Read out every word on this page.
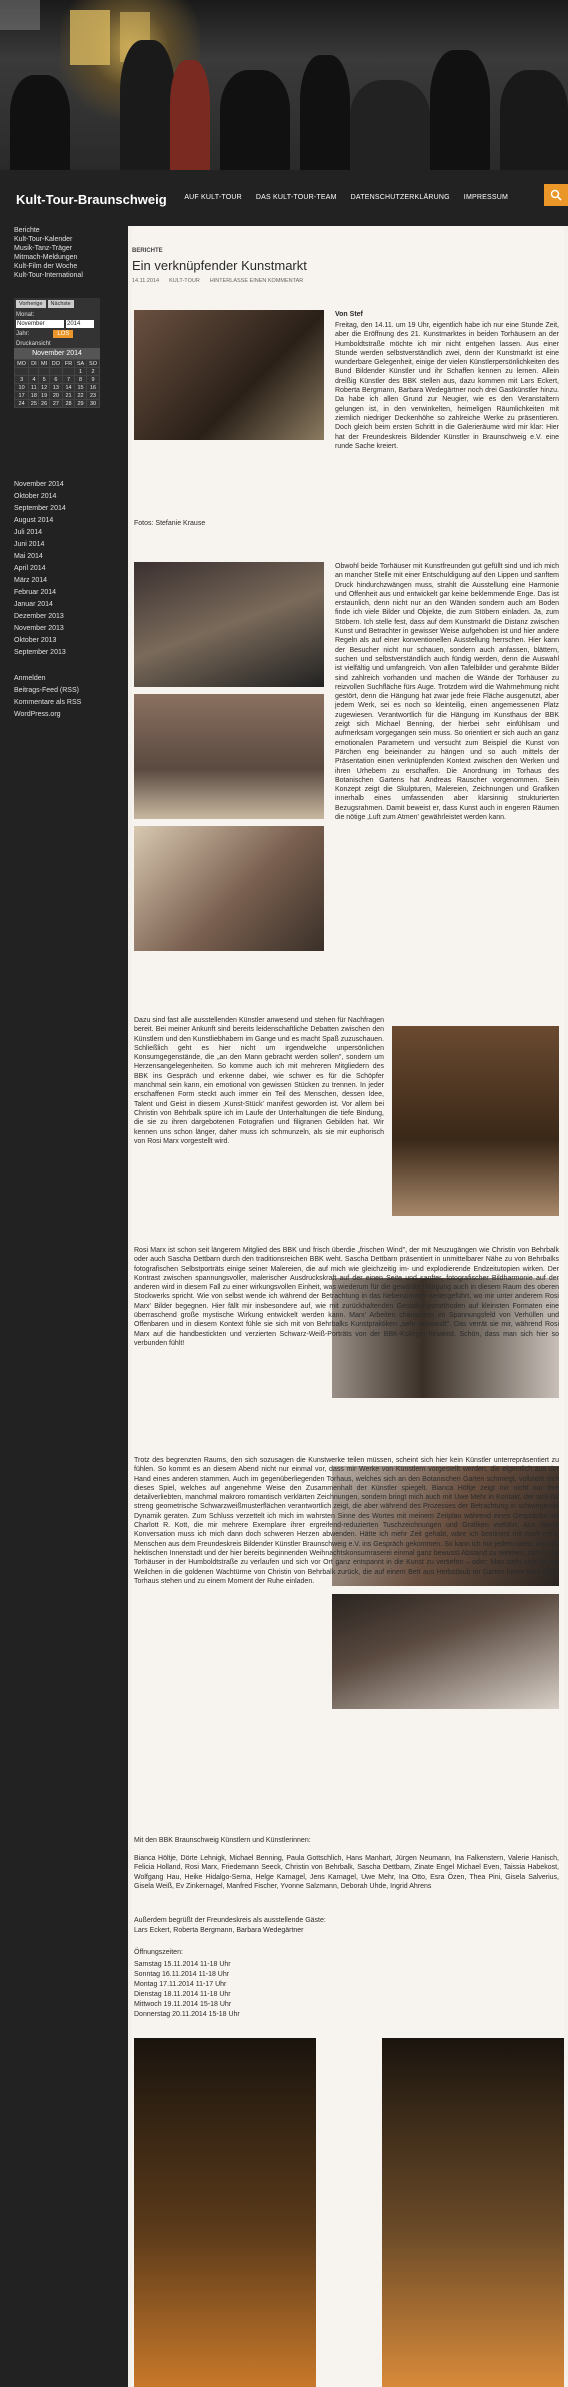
Kult-Tour-Braunschweig	AUF KULT-TOUR DAS KULT-TOUR-TEAM DATENSCHUTZERKLÄRUNG IMPRESSUM
Berichte
Kult-Tour-Kalender
Musik-Tanz-Träger
Mitmach-Meldungen
Kult-Film der Woche
Kult-Tour-International
Vorherige	Nächste
Monat:
November	2014
Jahr:	LOS
Druckansicht
November 2014
MO	DI	MI	DO	FR	SA	SO
					1	2
3	4	5	6	7	8	9
10	11	12	13	14	15	16
17	18	19	20	21	22	23
24	25	26	27	28	29	30
November 2014
Oktober 2014
September 2014
August 2014
Juli 2014
Juni 2014
Mai 2014
April 2014
März 2014
Februar 2014
Januar 2014
Dezember 2013
November 2013
Oktober 2013
September 2013
Anmelden
Beitrags-Feed (RSS)
Kommentare als RSS
WordPress.org
BERICHTE
Ein verknüpfender Kunstmarkt
14.11.2014 KULT-TOUR HINTERLASSE EINEN KOMMENTAR
Von Stef
Freitag, den 14.11. um 19 Uhr, eigentlich habe ich nur eine Stunde Zeit, aber die Eröffnung des 21. Kunstmarktes in beiden Torhäusern an der Humboldtstraße möchte ich mir nicht entgehen lassen. Aus einer Stunde werden selbstverständlich zwei, denn der Kunstmarkt ist eine wunderbare Gelegenheit, einige der vielen Künstlerpersönlichkeiten des Bund Bildender Künstler und ihr Schaffen kennen zu lernen. Allein dreißig Künstler des BBK stellen aus, dazu kommen mit Lars Eckert, Roberta Bergmann, Barbara Wedegärtner noch drei Gastkünstler hinzu. Da habe ich allen Grund zur Neugier, wie es den Veranstaltern gelungen ist, in den verwinkelten, heimeligen Räumlichkeiten mit ziemlich niedriger Deckenhöhe so zahlreiche Werke zu präsentieren. Doch gleich beim ersten Schritt in die Galerieräume wird mir klar: Hier hat der Freundeskreis Bildender Künstler in Braunschweig e.V. eine runde Sache kreiert.
Fotos: Stefanie Krause
Obwohl beide Torhäuser mit Kunstfreunden gut gefüllt sind und ich mich an mancher Stelle mit einer Entschuldigung auf den Lippen und sanftem Druck hindurchzwängen muss, strahlt die Ausstellung eine Harmonie und Offenheit aus und entwickelt gar keine beklemmende Enge. Das ist erstaunlich, denn nicht nur an den Wänden sondern auch am Boden finde ich viele Bilder und Objekte, die zum Stöbern einladen. Ja, zum Stöbern. Ich stelle fest, dass auf dem Kunstmarkt die Distanz zwischen Kunst und Betrachter in gewisser Weise aufgehoben ist und hier andere Regeln als auf einer konventionellen Ausstellung herrschen. Hier kann der Besucher nicht nur schauen, sondern auch anfassen, blättern, suchen und selbstverständlich auch fündig werden, denn die Auswahl ist vielfältig und umfangreich. Von allen Tafelbilder und gerahmte Bilder sind zahlreich vorhanden und machen die Wände der Torhäuser zu reizvollen Suchfläche fürs Auge. Trotzdem wird die Wahrnehmung nicht gestört, denn die Hängung hat zwar jede freie Fläche ausgenutzt, aber jedem Werk, sei es noch so kleinteilig, einen angemessenen Platz zugewiesen. Verantwortlich für die Hängung im Kunsthaus der BBK zeigt sich Michael Benning, der hierbei sehr einfühlsam und aufmerksam vorgegangen sein muss. So orientiert er sich auch an ganz emotionalen Parametern und versucht zum Beispiel die Kunst von Pärchen eng beieinander zu hängen und so auch mittels der Präsentation einen verknüpfenden Kontext zwischen den Werken und ihren Urhebern zu erschaffen. Die Anordnung im Torhaus des Botanischen Gartens hat Andreas Rauscher vorgenommen. Sein Konzept zeigt die Skulpturen, Malereien, Zeichnungen und Grafiken innerhalb eines umfassenden aber klarsinnig strukturierten Bezugsrahmen. Damit beweist er, dass Kunst auch in engeren Räumen die nötige ‚Luft zum Atmen' gewährleistet werden kann.
Dazu sind fast alle ausstellenden Künstler anwesend und stehen für Nachfragen bereit. Bei meiner Ankunft sind bereits leidenschaftliche Debatten zwischen den Künstlern und den Kunstliebhabern im Gange und es macht Spaß zuzuschauen. Schließlich geht es hier nicht um irgendwelche unpersönlichen Konsumgegenstände, die „an den Mann gebracht werden sollen", sondern um Herzensangelegenheiten. So komme auch ich mit mehreren Mitgliedern des BBK ins Gespräch und erkenne dabei, wie schwer es für die Schöpfer manchmal sein kann, ein emotional von gewissen Stücken zu trennen. In jeder erschaffenen Form steckt auch immer ein Teil des Menschen, dessen Idee, Talent und Geist in diesem ‚Kunst-Stück' manifest geworden ist. Vor allem bei Christin von Behrbalk spüre ich im Laufe der Unterhaltungen die tiefe Bindung, die sie zu ihren dargebotenen Fotografien und filigranen Gebilden hat. Wir kennen uns schon länger, daher muss ich schmunzeln, als sie mir euphorisch von Rosi Marx vorgestellt wird.
Rosi Marx ist schon seit längerem Mitglied des BBK und frisch überdie „frischen Wind", der mit Neuzugängen wie Christin von Behrbalk oder auch Sascha Dettbarn durch den traditionsreichen BBK weht. Sascha Dettbarn präsentiert in unmittelbarer Nähe zu von Behrbalks fotografischen Selbstporträts einige seiner Malereien, die auf mich wie gleichzeitig im- und explodierende Endzeitutopien wirken. Der Kontrast zwischen spannungsvoller, malerischer Ausdruckskraft auf der einen Seite und sanfter, fotografischer Bildharmonie auf der anderen wird in diesem Fall zu einer wirkungsvollen Einheit, was wiederum für die gewählte Hängung auch in diesem Raum des oberen Stockwerks spricht. Wie von selbst wende ich während der Betrachtung in das Nebenzimmer weitergeführt, wo mir unter anderem Rosi Marx' Bilder begegnen. Hier fällt mir insbesondere auf, wie mit zurückhaltenden Gestaltungsmethoden auf kleinsten Formaten eine überraschend große mystische Wirkung entwickelt werden kann. Marx' Arbeiten changieren im Spannungsfeld von Verhüllen und Offenbaren und in diesem Kontext fühle sie sich mit von Behrbalks Kunstpraktiken „sehr verwandt". Das verrät sie mir, während Rosi Marx auf die handbestickten und verzierten Schwarz-Weiß-Porträts von der BBK-Kollegin hinweist. Schön, dass man sich hier so verbunden fühlt!
Trotz des begrenzten Raums, den sich sozusagen die Kunstwerke teilen müssen, scheint sich hier kein Künstler unterrepräsentiert zu fühlen. So kommt es an diesem Abend nicht nur einmal vor, dass mir Werke von Künstlern vorgestellt werden, die eigentlich aus der Hand eines anderen stammen. Auch im gegenüberliegenden Torhaus, welches sich an den Botanischen Garten schmiegt, vollzieht sich dieses Spiel, welches auf angenehme Weise den Zusammenhalt der Künstler spiegelt. Bianca Höltje zeigt mir nicht nur ihre detailverliebten, manchmal makroro romantisch verklärten Zeichnungen, sondern bringt mich auch mit Uwe Mehr in Kontakt, der sich für streng geometrische Schwarzweißmusterflächen verantwortlich zeigt, die aber während des Prozesses der Betrachtung in schwingende Dynamik geraten. Zum Schluss verzettelt ich mich im wahrsten Sinne des Wortes mit meinem Zeitplan während eines Gesprächs mit Charlott R. Kott, die mir mehrere Exemplare ihrer ergreifend-reduzierten Tuschzeichnungen und Grafiken vorführt. Aus dieser Konversation muss ich mich dann doch schweren Herzen abwenden. Hätte ich mehr Zeit gehabt, wäre ich bestimmt mit noch mehr Menschen aus dem Freundeskreis Bildender Künstler Braunschweig e.V. ins Gespräch gekommen. So kann ich nur jedem raten, von der hektischen Innenstadt und der hier bereits beginnenden Weihnachtskonsumraserei einmal ganz bewusst Abstand zu nehmen, sich in die Torhäuser in der Humboldtstraße zu verlaufen und sich vor Ort ganz entspannt in die Kunst zu vertiefen – oder: Man zieht sich für ein Weilchen in die goldenen Wachtürme von Christin von Behrbalk zurück, die auf einem Bett aus Herbstlaub im Garten hinter dem BBK-Torhaus stehen und zu einem Moment der Ruhe einladen.
Mit den BBK Braunschweig Künstlern und Künstlerinnen:
Bianca Höltje, Dörte Lehnigk, Michael Benning, Paula Gottschlich, Hans Manhart, Jürgen Neumann, Ina Falkenstern, Valerie Hanisch, Felicia Holland, Rosi Marx, Friedemann Seeck, Christin von Behrbalk, Sascha Dettbarn, Zinate Engel Michael Even, Taissia Habekost, Wolfgang Hau, Heike Hidalgo-Serna, Helge Karnagel, Jens Karnagel, Uwe Mehr, Ina Otto, Esra Özen, Thea Pini, Gisela Salverius, Gisela Weiß, Ev Zinkernagel, Manfred Fischer, Yvonne Salzmann, Deborah Uhde, Ingrid Ahrens
Außerdem begrüßt der Freundeskreis als ausstellende Gäste:
Lars Eckert, Roberta Bergmann, Barbara Wedegärtner
Öffnungszeiten:
Samstag 15.11.2014 11-18 Uhr
Sonntag 16.11.2014 11-18 Uhr
Montag 17.11.2014 11-17 Uhr
Dienstag 18.11.2014 11-18 Uhr
Mittwoch 19.11.2014 15-18 Uhr
Donnerstag 20.11.2014 15-18 Uhr
